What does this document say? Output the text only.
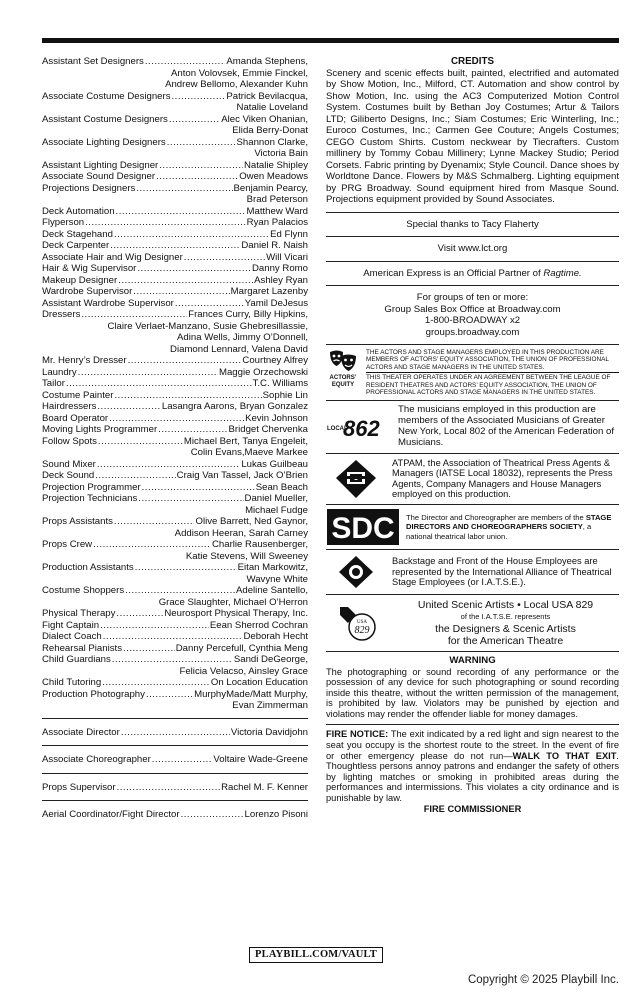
Assistant Set Designers .....	Amanda Stephens,
Anton Volovsek, Emmie Finckel,
Andrew Bellomo, Alexander Kuhn
Associate Costume Designers .....	Patrick Bevilacqua,
Natalie Loveland
Assistant Costume Designers .....	Alec Viken Ohanian,
Elida Berry-Donat
Associate Lighting Designers .....	Shannon Clarke,
Victoria Bain
Assistant Lighting Designer .....	Natalie Shipley
Associate Sound Designer .....	Owen Meadows
Projections Designers .....	Benjamin Pearcy,
Brad Peterson
Deck Automation .....	Matthew Ward
Flyperson .....	Ryan Palacios
Deck Stagehand .....	Ed Flynn
Deck Carpenter .....	Daniel R. Naish
Associate Hair and Wig Designer .....	Will Vicari
Hair & Wig Supervisor .....	Danny Romo
Makeup Designer .....	Ashley Ryan
Wardrobe Supervisor .....	Margaret Lazenby
Assistant Wardrobe Supervisor .....	Yamil DeJesus
Dressers .....	Frances Curry, Billy Hipkins,
Claire Verlaet-Manzano, Susie Ghebresillassie,
Adina Wells, Jimmy O’Donnell,
Diamond Lennard, Valena David
Mr. Henry’s Dresser .....	Courtney Alfrey
Laundry .....	Maggie Orzechowski
Tailor .....	T.C. Williams
Costume Painter .....	Sophie Lin
Hairdressers .....	Lasangra Aarons, Bryan Gonzalez
Board Operator .....	Kevin Johnson
Moving Lights Programmer .....	Bridget Chervenka
Follow Spots .....	Michael Bert, Tanya Engeleit,
Colin Evans,Maeve Markee
Sound Mixer .....	Lukas Guilbeau
Deck Sound .....	Craig Van Tassel, Jack O’Brien
Projection Programmer .....	Sean Beach
Projection Technicians .....	Daniel Mueller,
Michael Fudge
Props Assistants .....	Olive Barrett, Ned Gaynor,
Addison Heeran, Sarah Carney
Props Crew .....	Charlie Rausenberger,
Katie Stevens, Will Sweeney
Production Assistants .....	Eitan Markowitz,
Wavyne White
Costume Shoppers .....	Adeline Santello,
Grace Slaughter, Michael O’Herron
Physical Therapy .....	Neurosport Physical Therapy, Inc.
Fight Captain .....	Eean Sherrod Cochran
Dialect Coach .....	Deborah Hecht
Rehearsal Pianists .....	Danny Percefull, Cynthia Meng
Child Guardians .....	Sandi DeGeorge,
Felicia Velacso, Ainsley Grace
Child Tutoring .....	On Location Education
Production Photography .....	MurphyMade/Matt Murphy,
Evan Zimmerman
Associate Director .....	Victoria Davidjohn
Associate Choreographer .....	Voltaire Wade-Greene
Props Supervisor .....	Rachel M. F. Kenner
Aerial Coordinator/Fight Director .....	Lorenzo Pisoni
CREDITS
Scenery and scenic effects built, painted, electrified and automated by Show Motion, Inc., Milford, CT. Automation and show control by Show Motion, Inc. using the AC3 Computerized Motion Control System. Costumes built by Bethan Joy Costumes; Artur & Tailors LTD; Giliberto Designs, Inc.; Siam Costumes; Eric Winterling, Inc.; Euroco Costumes, Inc.; Carmen Gee Couture; Angels Costumes; CEGO Custom Shirts. Custom neckwear by Tiecrafters. Custom millinery by Tommy Cobau Millinery; Lynne Mackey Studio; Period Corsets. Fabric printing by Dyenamix; Style Council. Dance shoes by Worldtone Dance. Flowers by M&S Schmalberg. Lighting equipment by PRG Broadway. Sound equipment hired from Masque Sound. Projections equipment provided by Sound Associates.
Special thanks to Tacy Flaherty
Visit www.lct.org
American Express is an Official Partner of Ragtime.
For groups of ten or more:
Group Sales Box Office at Broadway.com
1-800-BROADWAY x2
groups.broadway.com
ACTORS’ EQUITY
THE ACTORS AND STAGE MANAGERS EMPLOYED IN THIS PRODUCTION ARE MEMBERS OF ACTORS’ EQUITY ASSOCIATION, THE UNION OF PROFESSIONAL ACTORS AND STAGE MANAGERS IN THE UNITED STATES.
THIS THEATER OPERATES UNDER AN AGREEMENT BETWEEN THE LEAGUE OF RESIDENT THEATRES AND ACTORS’ EQUITY ASSOCIATION, THE UNION OF PROFESSIONAL ACTORS AND STAGE MANAGERS IN THE UNITED STATES.
LOCAL
862
The musicians employed in this production are members of the Associated Musicians of Greater New York, Local 802 of the American Federation of Musicians.
ATPAM, the Association of Theatrical Press Agents & Managers (IATSE Local 18032), represents the Press Agents, Company Managers and House Managers employed on this production.
SDC The Director and Choreographer are members of the STAGE DIRECTORS AND CHOREOGRAPHERS SOCIETY, a national theatrical labor union.
Backstage and Front of the House Employees are represented by the International Alliance of Theatrical Stage Employees (or I.A.T.S.E.).
USA
829
United Scenic Artists • Local USA 829
of the I.A.T.S.E. represents
the Designers & Scenic Artists
for the American Theatre
WARNING
The photographing or sound recording of any performance or the possession of any device for such photographing or sound recording inside this theatre, without the written permission of the management, is prohibited by law. Violators may be punished by ejection and violations may render the offender liable for money damages.
FIRE NOTICE: The exit indicated by a red light and sign nearest to the seat you occupy is the shortest route to the street. In the event of fire or other emergency please do not run—WALK TO THAT EXIT. Thoughtless persons annoy patrons and endanger the safety of others by lighting matches or smoking in prohibited areas during the performances and intermissions. This violates a city ordinance and is punishable by law.
FIRE COMMISSIONER
PLAYBILL.COM/VAULT
Copyright © 2025 Playbill Inc.
